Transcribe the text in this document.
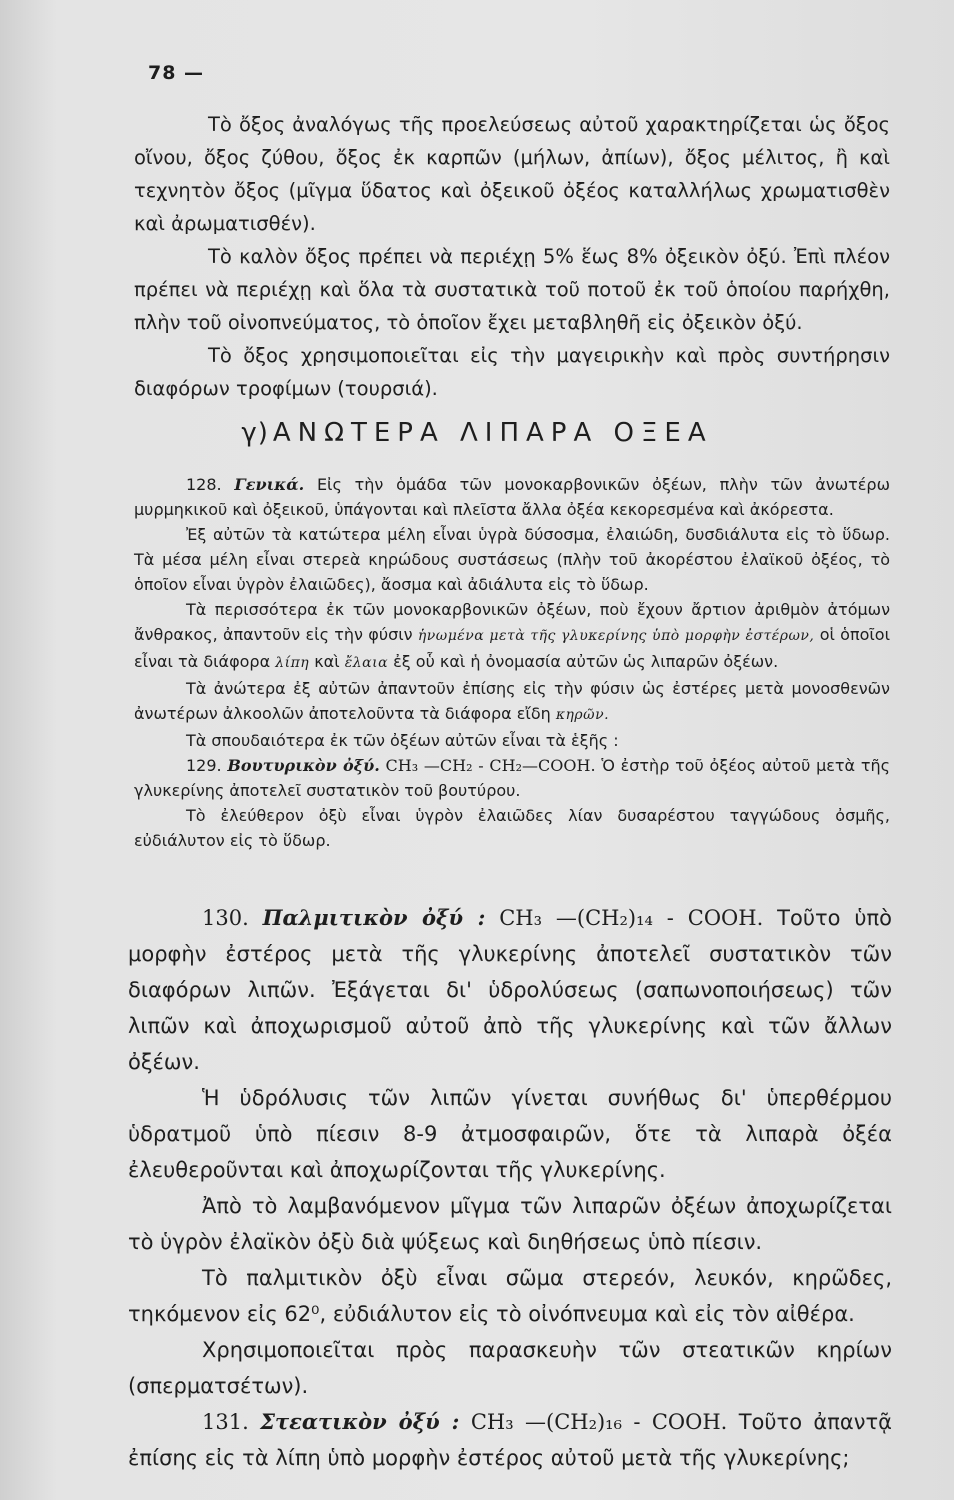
78 —

Τὸ ὄξος ἀναλόγως τῆς προελεύσεως αὐτοῦ χαρακτηρίζεται ὡς ὄξος οἴνου, ὄξος ζύθου, ὄξος ἐκ καρπῶν (μήλων, ἀπίων), ὄξος μέλιτος, ἢ καὶ τεχνητὸν ὄξος (μῖγμα ὕδατος καὶ ὀξεικοῦ ὀξέος καταλλήλως χρωματισθὲν καὶ ἀρωματισθέν).

Τὸ καλὸν ὄξος πρέπει νὰ περιέχῃ 5% ἕως 8% ὀξεικὸν ὀξύ. Ἐπὶ πλέον πρέπει νὰ περιέχῃ καὶ ὅλα τὰ συστατικὰ τοῦ ποτοῦ ἐκ τοῦ ὁποίου παρήχθη, πλὴν τοῦ οἰνοπνεύματος, τὸ ὁποῖον ἔχει μεταβληθῆ εἰς ὀξεικὸν ὀξύ.

Τὸ ὄξος χρησιμοποιεῖται εἰς τὴν μαγειρικὴν καὶ πρὸς συντήρησιν διαφόρων τροφίμων (τουρσιά).

γ) ΑΝΩΤΕΡΑ ΛΙΠΑΡΑ ΟΞΕΑ

128. Γενικά. Εἰς τὴν ὁμάδα τῶν μονοκαρβονικῶν ὀξέων, πλὴν τῶν ἀνωτέρω μυρμηκικοῦ καὶ ὀξεικοῦ, ὑπάγονται καὶ πλεῖστα ἄλλα ὀξέα κεκορεσμένα καὶ ἀκόρεστα.

Ἐξ αὐτῶν τὰ κατώτερα μέλη εἶναι ὑγρὰ δύσοσμα, ἐλαιώδη, δυσδιάλυτα εἰς τὸ ὕδωρ. Τὰ μέσα μέλη εἶναι στερεὰ κηρώδους συστάσεως (πλὴν τοῦ ἀκορέστου ἐλαϊκοῦ ὀξέος, τὸ ὁποῖον εἶναι ὑγρὸν ἐλαιῶδες), ἄοσμα καὶ ἀδιάλυτα εἰς τὸ ὕδωρ.

Τὰ περισσότερα ἐκ τῶν μονοκαρβονικῶν ὀξέων, ποὺ ἔχουν ἄρτιον ἀριθμὸν ἀτόμων ἄνθρακος, ἀπαντοῦν εἰς τὴν φύσιν ἡνωμένα μετὰ τῆς γλυκερίνης ὑπὸ μορφὴν ἐστέρων, οἱ ὁποῖοι εἶναι τὰ διάφορα λίπη καὶ ἔλαια ἐξ οὗ καὶ ἡ ὀνομασία αὐτῶν ὡς λιπαρῶν ὀξέων.

Τὰ ἀνώτερα ἐξ αὐτῶν ἀπαντοῦν ἐπίσης εἰς τὴν φύσιν ὡς ἐστέρες μετὰ μονοσθενῶν ἀνωτέρων ἀλκοολῶν ἀποτελοῦντα τὰ διάφορα εἴδη κηρῶν.

Τὰ σπουδαιότερα ἐκ τῶν ὀξέων αὐτῶν εἶναι τὰ ἑξῆς :

129. Βουτυρικὸν ὀξύ. CH₃ —CH₂ - CH₂—COOH. Ὁ ἐστὴρ τοῦ ὀξέος αὐτοῦ μετὰ τῆς γλυκερίνης ἀποτελεῖ συστατικὸν τοῦ βουτύρου.

Τὸ ἐλεύθερον ὀξὺ εἶναι ὑγρὸν ἐλαιῶδες λίαν δυσαρέστου ταγγώδους ὀσμῆς, εὐδιάλυτον εἰς τὸ ὕδωρ.

130. Παλμιτικὸν ὀξύ : CH₃ —(CH₂)₁₄ - COOH. Τοῦτο ὑπὸ μορφὴν ἐστέρος μετὰ τῆς γλυκερίνης ἀποτελεῖ συστατικὸν τῶν διαφόρων λιπῶν. Ἐξάγεται δι' ὑδρολύσεως (σαπωνοποιήσεως) τῶν λιπῶν καὶ ἀποχωρισμοῦ αὐτοῦ ἀπὸ τῆς γλυκερίνης καὶ τῶν ἄλλων ὀξέων.

Ἡ ὑδρόλυσις τῶν λιπῶν γίνεται συνήθως δι' ὑπερθέρμου ὑδρατμοῦ ὑπὸ πίεσιν 8-9 ἀτμοσφαιρῶν, ὅτε τὰ λιπαρὰ ὀξέα ἐλευθεροῦνται καὶ ἀποχωρίζονται τῆς γλυκερίνης.

Ἀπὸ τὸ λαμβανόμενον μῖγμα τῶν λιπαρῶν ὀξέων ἀποχωρίζεται τὸ ὑγρὸν ἐλαϊκὸν ὀξὺ διὰ ψύξεως καὶ διηθήσεως ὑπὸ πίεσιν.

Τὸ παλμιτικὸν ὀξὺ εἶναι σῶμα στερεόν, λευκόν, κηρῶδες, τηκόμενον εἰς 62⁰, εὐδιάλυτον εἰς τὸ οἰνόπνευμα καὶ εἰς τὸν αἰθέρα.

Χρησιμοποιεῖται πρὸς παρασκευὴν τῶν στεατικῶν κηρίων (σπερματσέτων).

131. Στεατικὸν ὀξύ : CH₃ —(CH₂)₁₆ - COOH. Τοῦτο ἀπαντᾷ ἐπίσης εἰς τὰ λίπη ὑπὸ μορφὴν ἐστέρος αὐτοῦ μετὰ τῆς γλυκερίνης;
